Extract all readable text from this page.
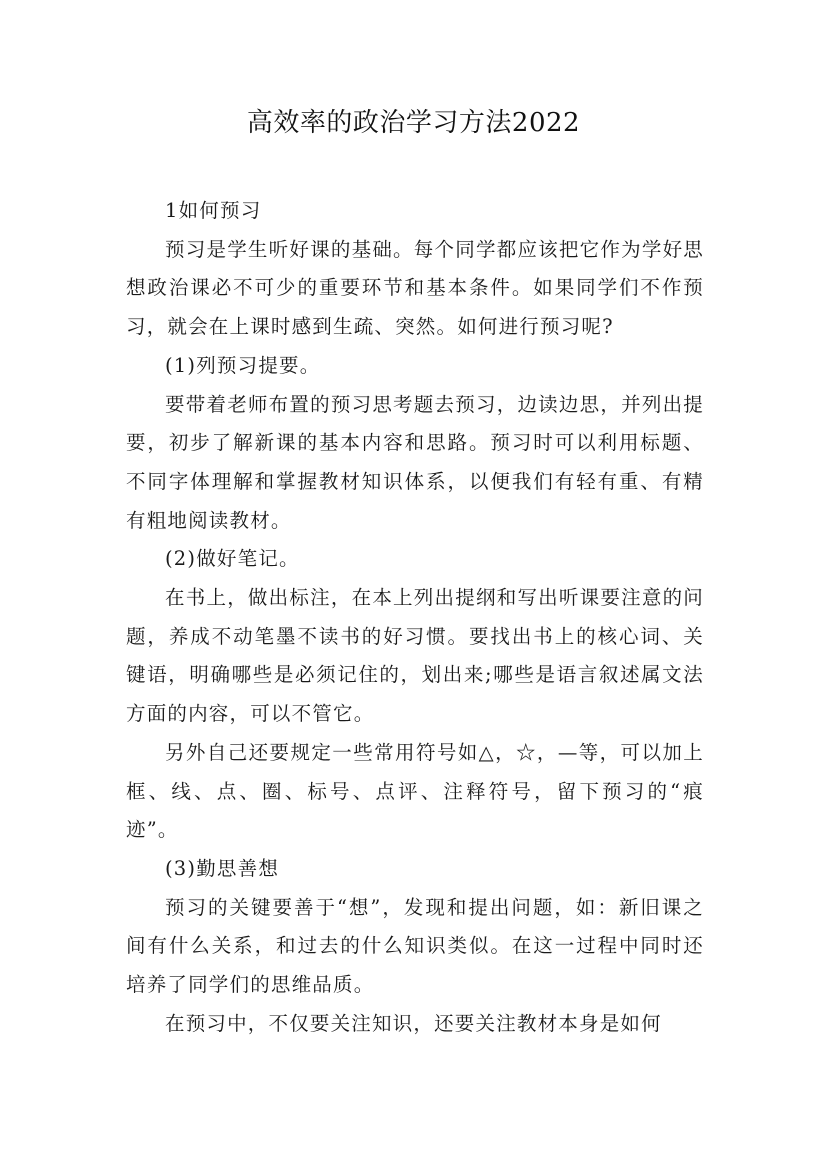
高效率的政治学习方法2022

1如何预习

预习是学生听好课的基础。每个同学都应该把它作为学好思想政治课必不可少的重要环节和基本条件。如果同学们不作预习，就会在上课时感到生疏、突然。如何进行预习呢?

(1)列预习提要。

要带着老师布置的预习思考题去预习，边读边思，并列出提要，初步了解新课的基本内容和思路。预习时可以利用标题、不同字体理解和掌握教材知识体系，以便我们有轻有重、有精有粗地阅读教材。

(2)做好笔记。

在书上，做出标注，在本上列出提纲和写出听课要注意的问题，养成不动笔墨不读书的好习惯。要找出书上的核心词、关键语，明确哪些是必须记住的，划出来;哪些是语言叙述属文法方面的内容，可以不管它。

另外自己还要规定一些常用符号如△，☆，—等，可以加上框、线、点、圈、标号、点评、注释符号，留下预习的“痕迹”。

(3)勤思善想

预习的关键要善于“想”，发现和提出问题，如：新旧课之间有什么关系，和过去的什么知识类似。在这一过程中同时还培养了同学们的思维品质。

在预习中，不仅要关注知识，还要关注教材本身是如何
